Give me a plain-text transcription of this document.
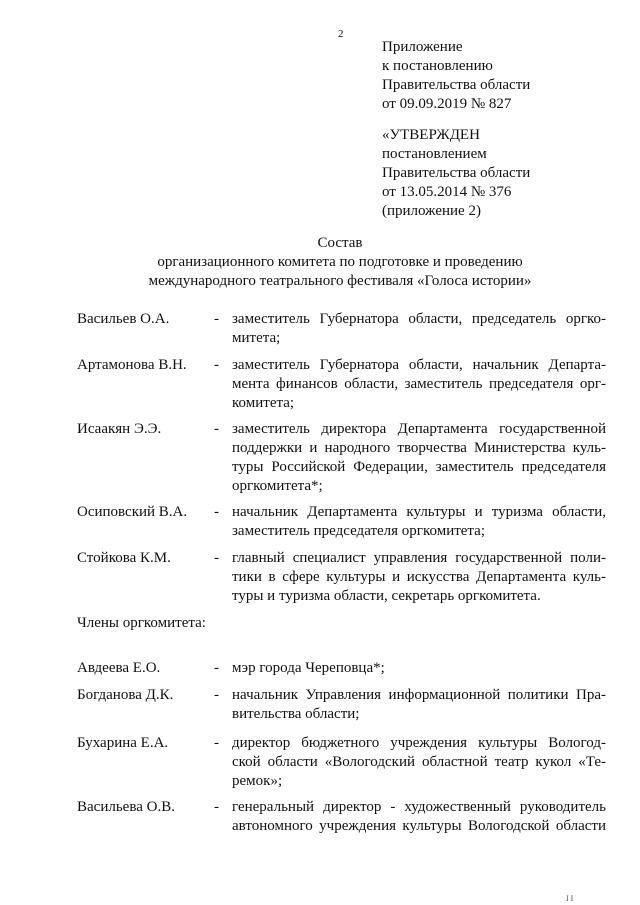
2
Приложение
к постановлению
Правительства области
от 09.09.2019 № 827
«УТВЕРЖДЕН
постановлением
Правительства области
от 13.05.2014 № 376
(приложение 2)
Состав
организационного комитета по подготовке и проведению
международного театрального фестиваля «Голоса истории»
Васильев О.А.	- заместитель Губернатора области, председатель оргко-
митета;
Артамонова В.Н. - заместитель Губернатора области, начальник Департа-
мента финансов области, заместитель председателя орг-
комитета;
Исаакян Э.Э.	- заместитель директора Департамента государственной
поддержки и народного творчества Министерства куль-
туры Российской Федерации, заместитель председателя
оргкомитета*;
Осиповский В.А. - начальник Департамента культуры и туризма области,
заместитель председателя оргкомитета;
Стойкова К.М.	- главный специалист управления государственной поли-
тики в сфере культуры и искусства Департамента куль-
туры и туризма области, секретарь оргкомитета.
Члены оргкомитета:
Авдеева Е.О.	- мэр города Череповца*;
Богданова Д.К.	- начальник Управления информационной политики Пра-
вительства области;
Бухарина Е.А.	- директор бюджетного учреждения культуры Вологод-
ской области «Вологодский областной театр кукол «Те-
ремок»;
Васильева О.В.	- генеральный директор - художественный руководитель
автономного учреждения культуры Вологодской области
I I
